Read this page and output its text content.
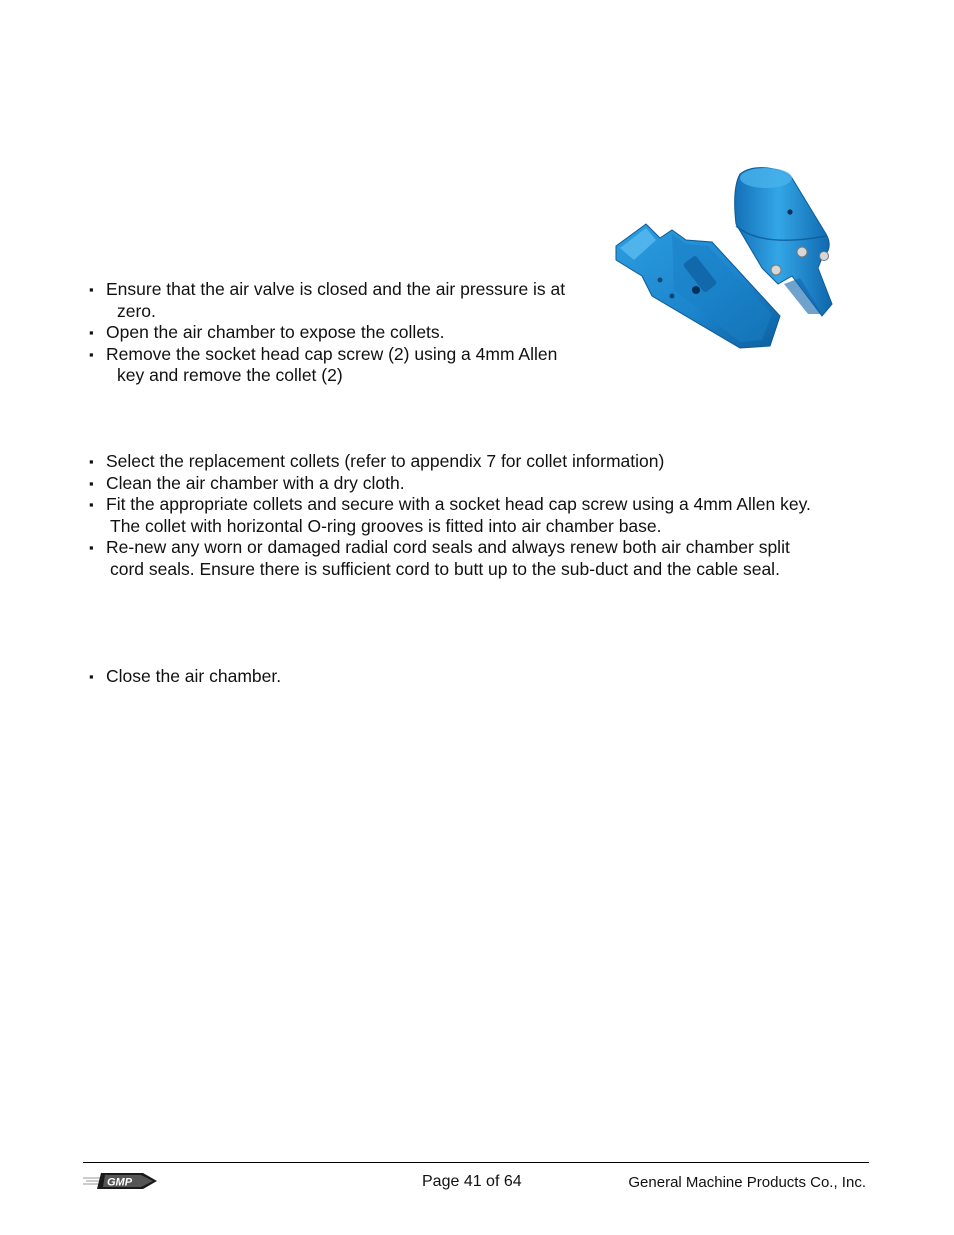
▪ Ensure that the air valve is closed and the air pressure is at
zero.
▪ Open the air chamber to expose the collets.
▪ Remove the socket head cap screw (2) using a 4mm Allen
key and remove the collet (2)
▪ Select the replacement collets (refer to appendix 7 for collet information)
▪ Clean the air chamber with a dry cloth.
▪ Fit the appropriate collets and secure with a socket head cap screw using a 4mm Allen key.
The collet with horizontal O-ring grooves is fitted into air chamber base.
▪ Re-new any worn or damaged radial cord seals and always renew both air chamber split
cord seals. Ensure there is sufficient cord to butt up to the sub-duct and the cable seal.
▪ Close the air chamber.
GMP	Page 41 of 64	General Machine Products Co., Inc.
